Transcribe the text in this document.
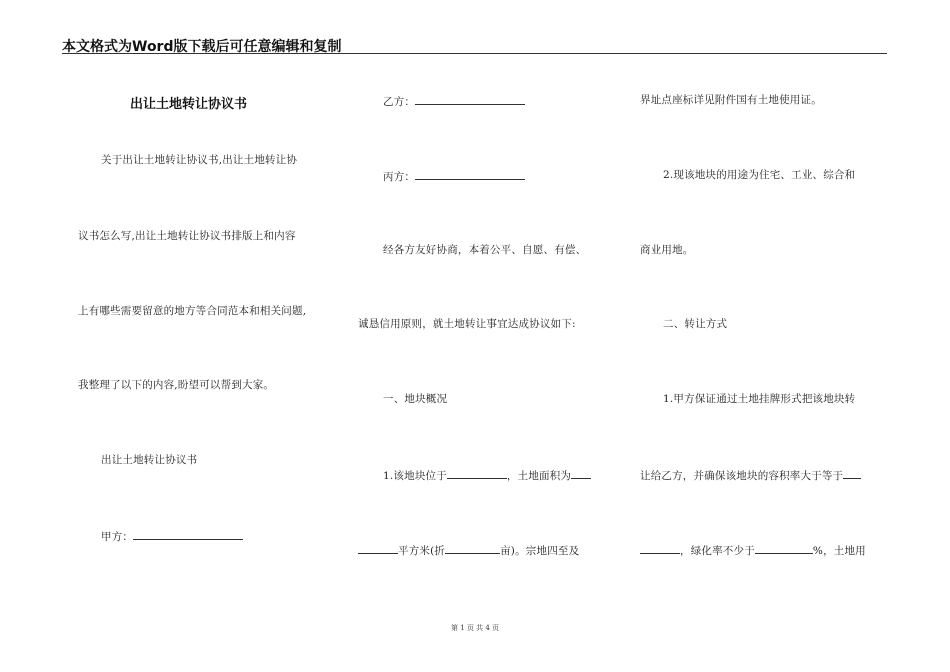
本文格式为Word版下载后可任意编辑和复制
出让土地转让协议书
关于出让土地转让协议书,出让土地转让协
议书怎么写,出让土地转让协议书排版上和内容
上有哪些需要留意的地方等合同范本和相关问题,
我整理了以下的内容,盼望可以帮到大家。
出让土地转让协议书
甲方：
乙方：
丙方：
经各方友好协商，本着公平、自愿、有偿、
诚恳信用原则，就土地转让事宜达成协议如下:
一、地块概况
1.该地块位于	，土地面积为
平方米(折	亩)。宗地四至及
界址点座标详见附件国有土地使用证。
2.现该地块的用途为住宅、工业、综合和
商业用地。
二、转让方式
1.甲方保证通过土地挂牌形式把该地块转
让给乙方，并确保该地块的容积率大于等于
，绿化率不少于	%，土地用
第 1 页 共 4 页
